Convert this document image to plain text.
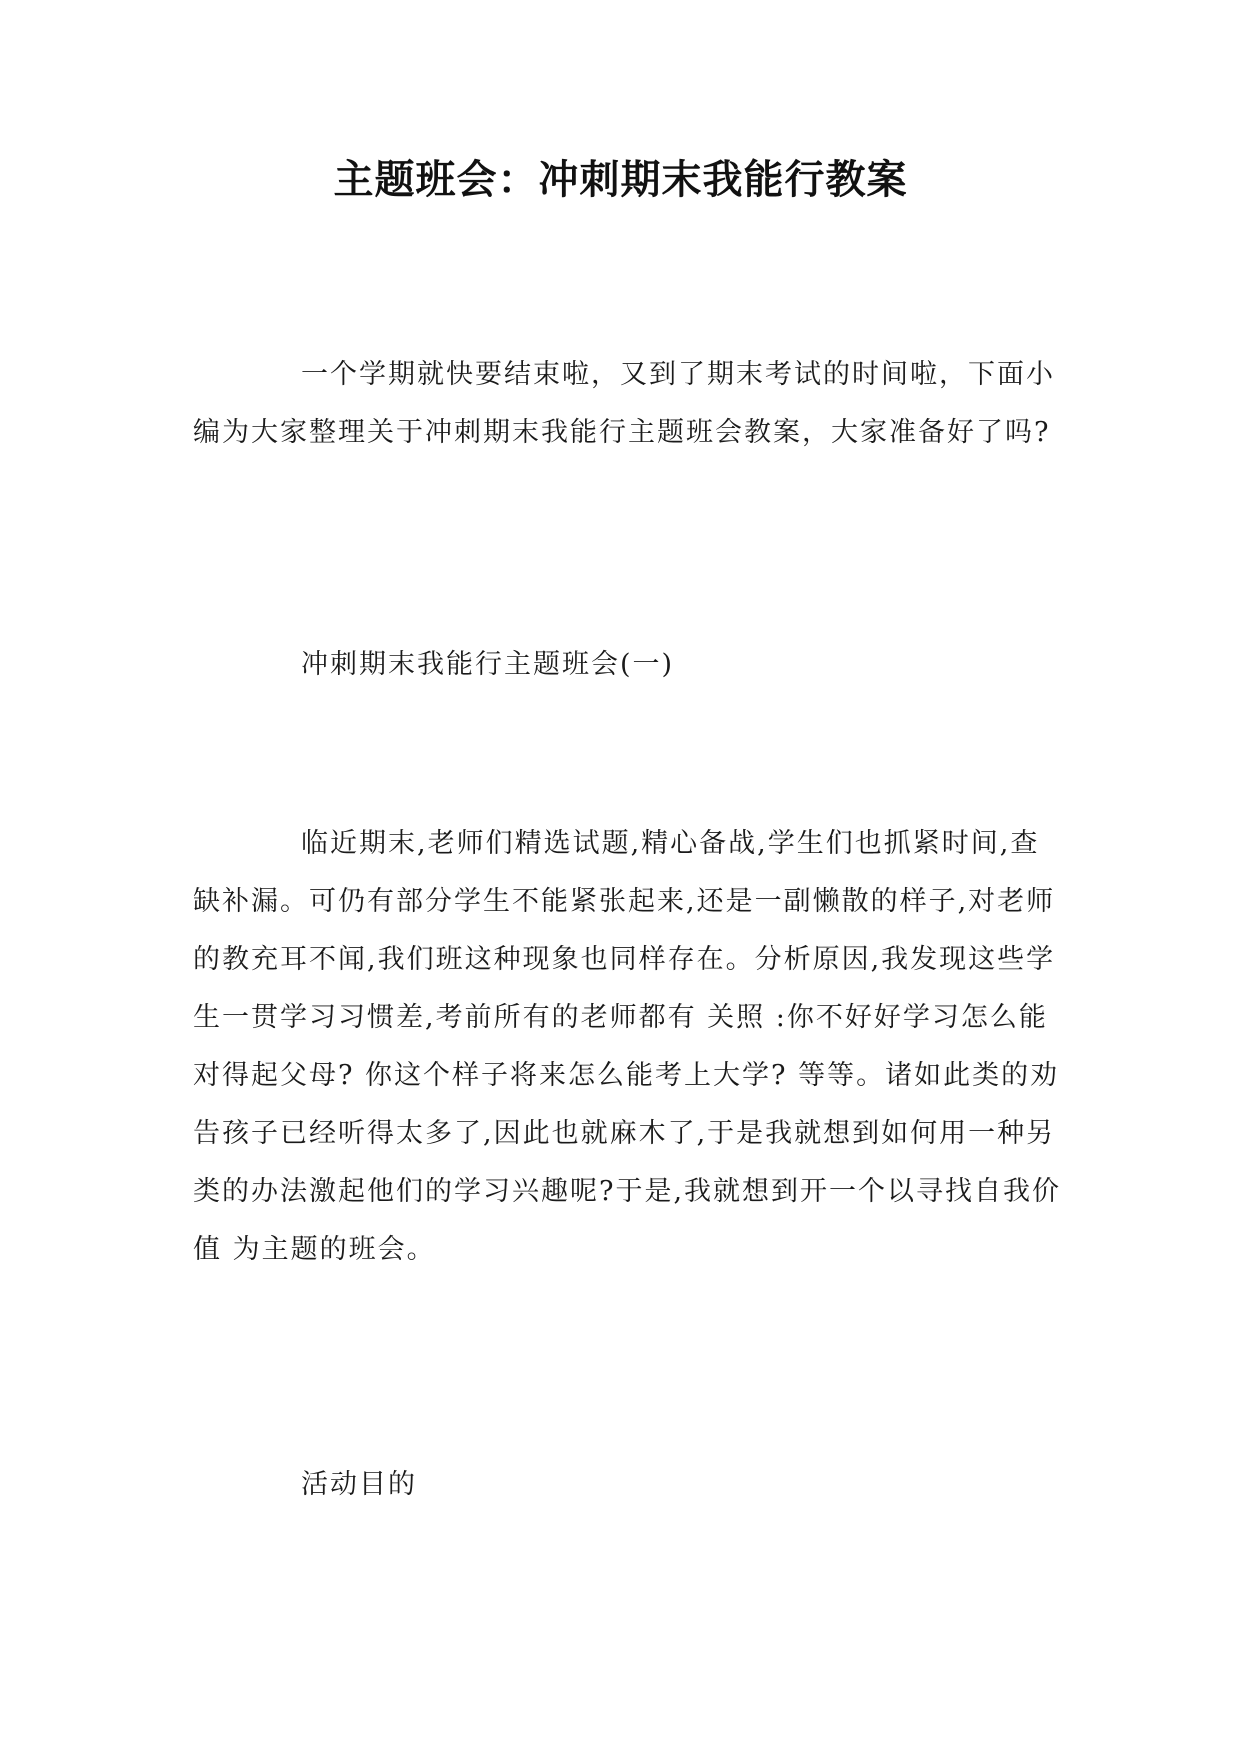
主题班会：冲刺期末我能行教案

一个学期就快要结束啦，又到了期末考试的时间啦，下面小编为大家整理关于冲刺期末我能行主题班会教案，大家准备好了吗?

冲刺期末我能行主题班会(一)

临近期末,老师们精选试题,精心备战,学生们也抓紧时间,查缺补漏。可仍有部分学生不能紧张起来,还是一副懒散的样子,对老师的教充耳不闻,我们班这种现象也同样存在。分析原因,我发现这些学生一贯学习习惯差,考前所有的老师都有 关照 :你不好好学习怎么能对得起父母? 你这个样子将来怎么能考上大学? 等等。诸如此类的劝告孩子已经听得太多了,因此也就麻木了,于是我就想到如何用一种另类的办法激起他们的学习兴趣呢?于是,我就想到开一个以寻找自我价值 为主题的班会。

活动目的
